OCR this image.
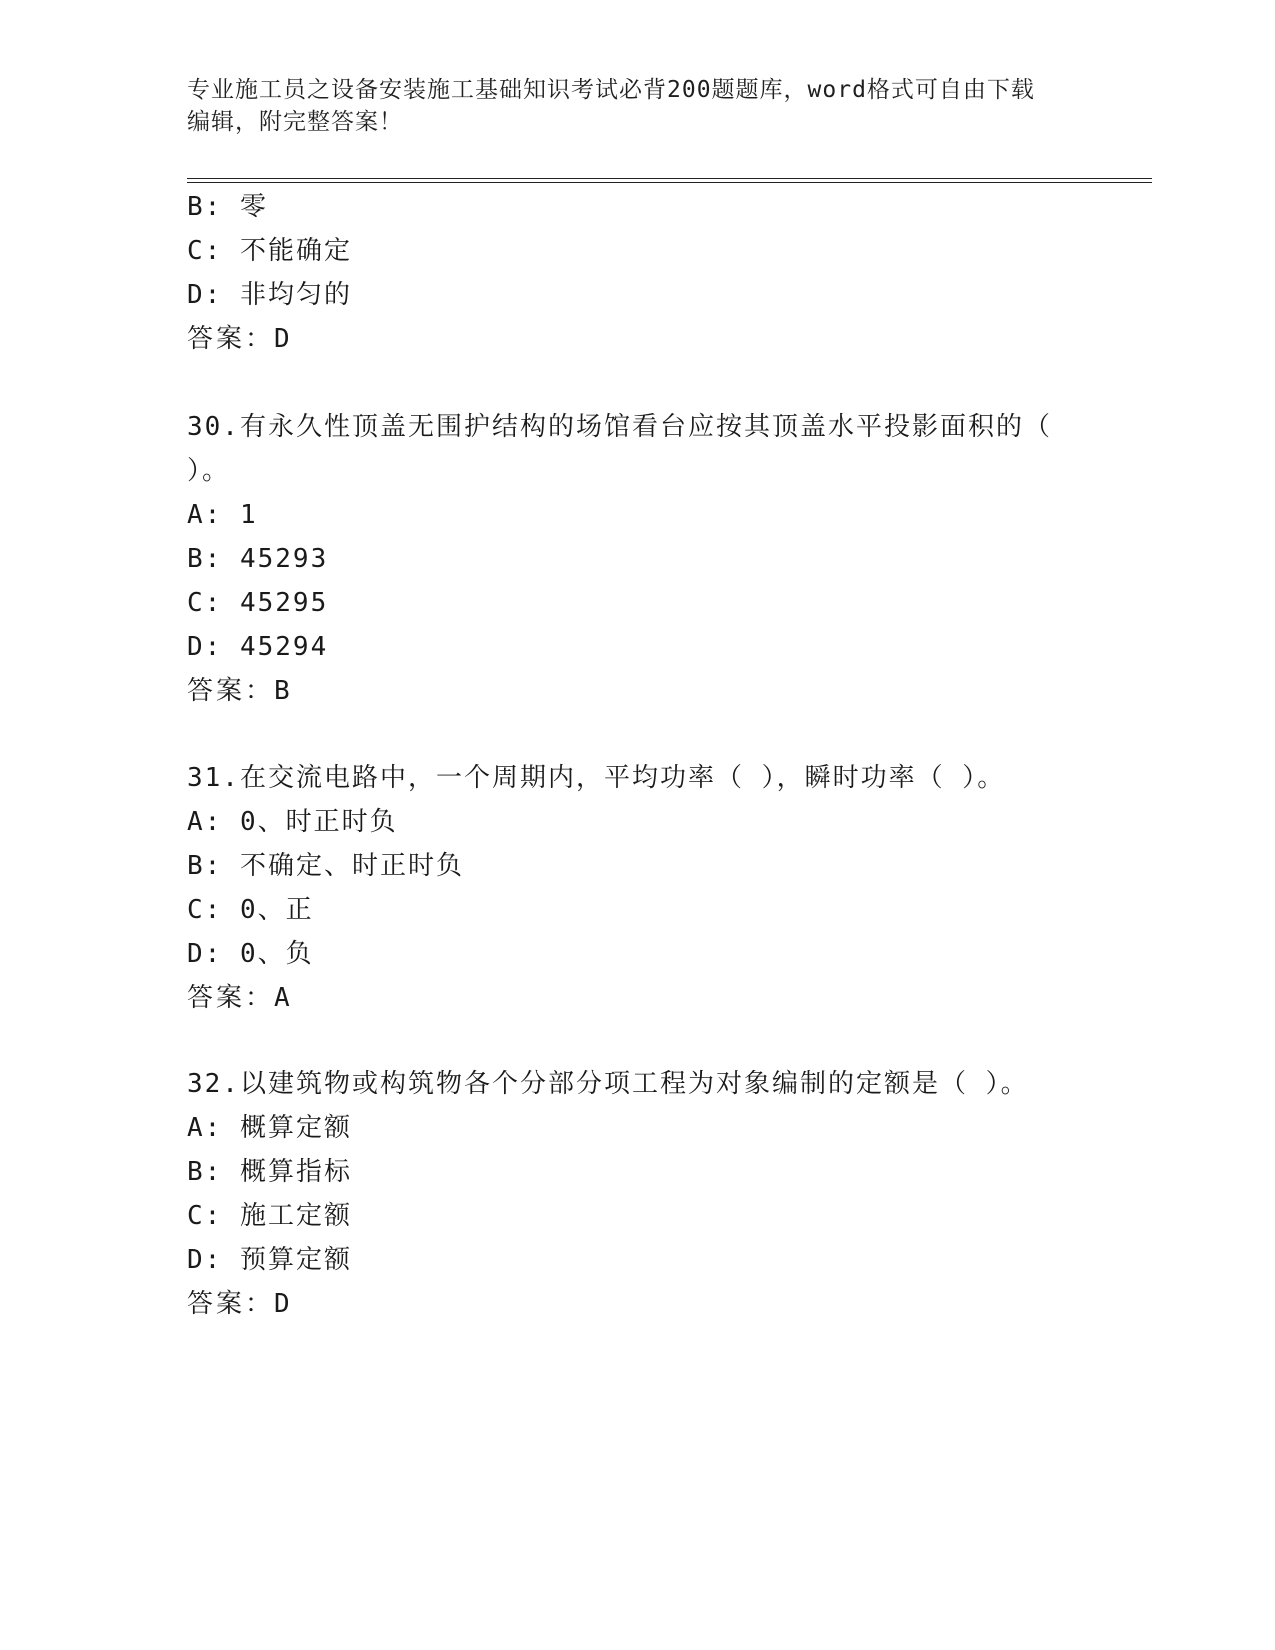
专业施工员之设备安装施工基础知识考试必背200题题库，word格式可自由下载
编辑，附完整答案！
B: 零
C: 不能确定
D: 非均匀的
答案：D
30.有永久性顶盖无围护结构的场馆看台应按其顶盖水平投影面积的（
）。
A: 1
B: 45293
C: 45295
D: 45294
答案：B
31.在交流电路中，一个周期内，平均功率（ ），瞬时功率（ ）。
A: 0、时正时负
B: 不确定、时正时负
C: 0、正
D: 0、负
答案：A
32.以建筑物或构筑物各个分部分项工程为对象编制的定额是（ ）。
A: 概算定额
B: 概算指标
C: 施工定额
D: 预算定额
答案：D
